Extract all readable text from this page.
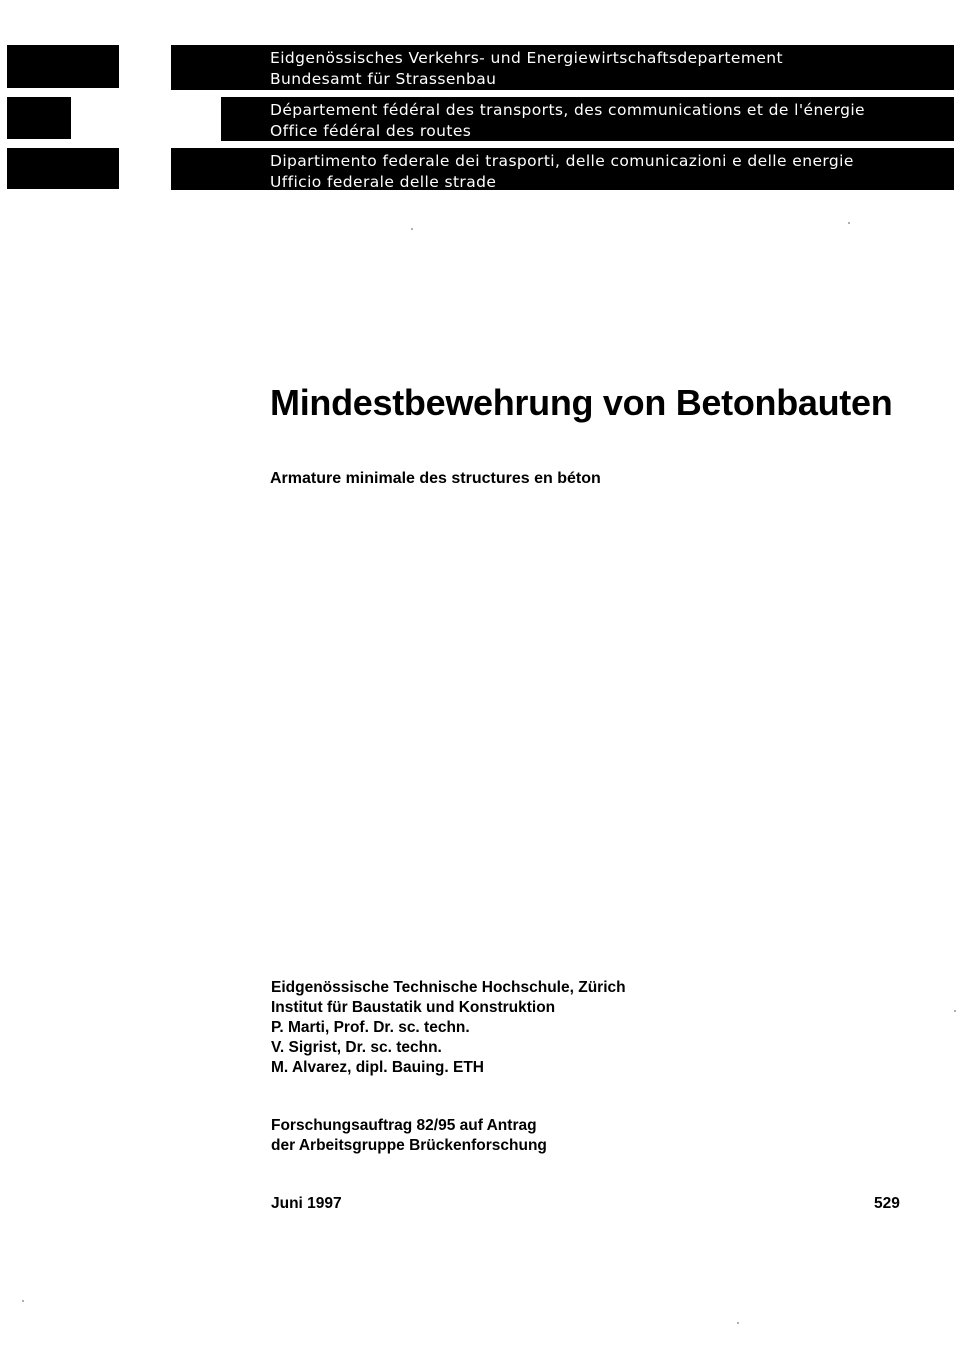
Eidgenössisches Verkehrs- und Energiewirtschaftsdepartement
Bundesamt für Strassenbau
Département fédéral des transports, des communications et de l'énergie
Office fédéral des routes
Dipartimento federale dei trasporti, delle comunicazioni e delle energie
Ufficio federale delle strade
Mindestbewehrung von Betonbauten
Armature minimale des structures en béton
Eidgenössische Technische Hochschule, Zürich
Institut für Baustatik und Konstruktion
P. Marti, Prof. Dr. sc. techn.
V. Sigrist, Dr. sc. techn.
M. Alvarez, dipl. Bauing. ETH
Forschungsauftrag 82/95 auf Antrag
der Arbeitsgruppe Brückenforschung
Juni 1997	529
